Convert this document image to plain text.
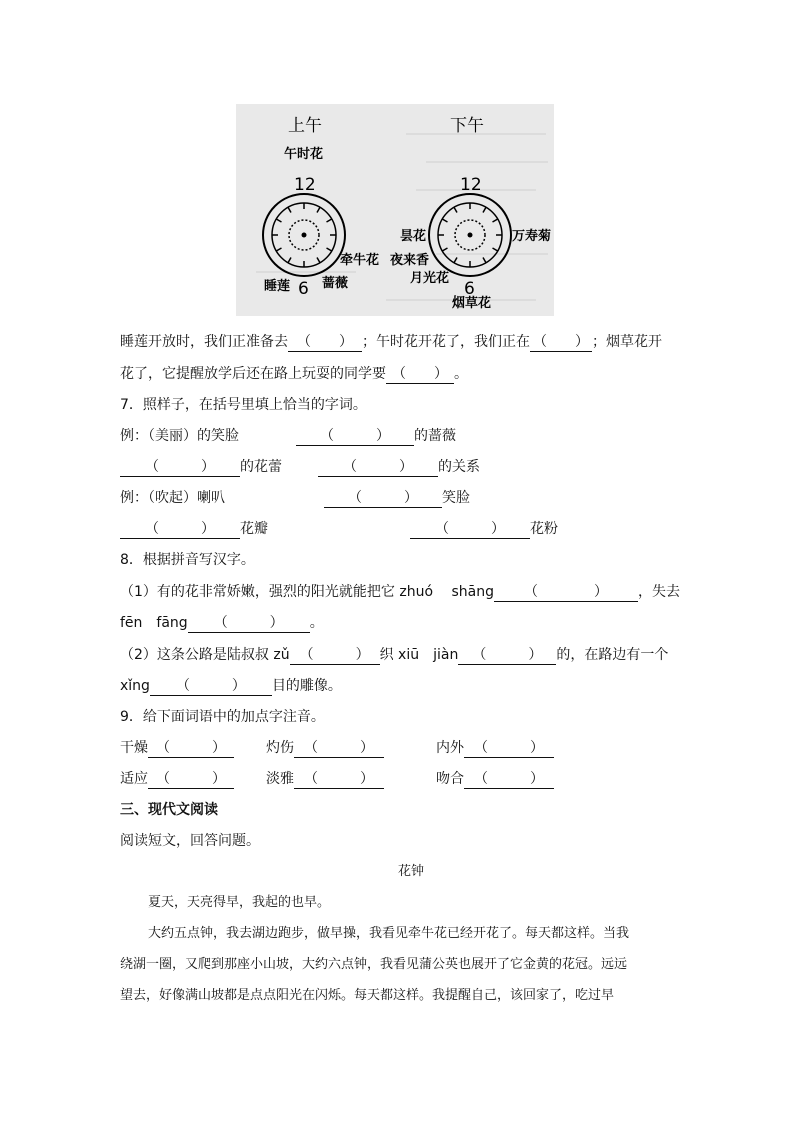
上午	下午
午时花
12
6
睡莲 蔷薇
牵牛花
12
6
昙花	万寿菊
夜来香
月光花
烟草花
睡莲开放时，我们正准备去 （　　） ；午时花开花了，我们正在 （　　） ；烟草花开
花了，它提醒放学后还在路上玩耍的同学要 （　　） 。
7．照样子，在括号里填上恰当的字词。
例：（美丽）的笑脸	（　　　） 的蔷薇
（　　　） 的花蕾	（　　　） 的关系
例：（吹起）喇叭	（　　　） 笑脸
（　　　） 花瓣	（　　　） 花粉
8．根据拼音写汉字。
（1）有的花非常娇嫩，强烈的阳光就能把它 zhuó　 shāng （　　　　） ，失去
fēn　fāng （　　　） 。
（2）这条公路是陆叔叔 zǔ （　　　） 织 xiū　jiàn （　　　） 的，在路边有一个
xǐng （　　　） 目的雕像。
9．给下面词语中的加点字注音。
干燥 （　　　）	灼伤 （　　　）	内外 （　　　）
适应 （　　　）	淡雅 （　　　）	吻合 （　　　）
三、现代文阅读
阅读短文，回答问题。
花钟
夏天，天亮得早，我起的也早。
大约五点钟，我去湖边跑步，做早操，我看见牵牛花已经开花了。每天都这样。当我
绕湖一圈，又爬到那座小山坡，大约六点钟，我看见蒲公英也展开了它金黄的花冠。远远
望去，好像满山坡都是点点阳光在闪烁。每天都这样。我提醒自己，该回家了，吃过早
